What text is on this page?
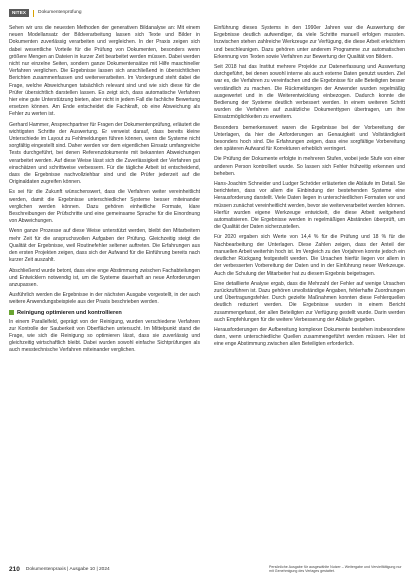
NITEX	Dokumentenprüfung

Sehen wir uns die neuesten Methoden der generativen Bildanalyse an: Mit einem neuen Modellansatz der Bildverarbeitung lassen sich Texte und Bilder in Dokumenten zuverlässig verarbeiten und vergleichen. In der Praxis zeigen sich dabei wesentliche Vorteile für die Prüfung von Dokumenten, besonders wenn größere Mengen an Dateien in kurzer Zeit bearbeitet werden müssen. Dabei werden nicht nur einzelne Seiten, sondern ganze Dokumentensätze mit Hilfe maschineller Verfahren verglichen. Die Ergebnisse lassen sich anschließend in übersichtlichen Berichten zusammenfassen und weiterverarbeiten. Im Vordergrund steht dabei die Frage, welche Abweichungen tatsächlich relevant sind und wie sich diese für die Prüfer übersichtlich darstellen lassen. Es zeigt sich, dass automatische Verfahren hier eine gute Unterstützung bieten, aber nicht in jedem Fall die fachliche Bewertung ersetzen können. Am Ende entscheidet die Fachkraft, ob eine Abweichung als Fehler zu werten ist.

Gerhard Hammer, Ansprechpartner für Fragen der Dokumentenprüfung, erläutert die wichtigsten Schritte der Auswertung. Er verweist darauf, dass bereits kleine Unterschiede im Layout zu Fehlmeldungen führen können, wenn die Systeme nicht sorgfältig eingestellt sind. Daher werden vor dem eigentlichen Einsatz umfangreiche Tests durchgeführt, bei denen Referenzdokumente mit bekannten Abweichungen verarbeitet werden. Auf diese Weise lässt sich die Zuverlässigkeit der Verfahren gut einschätzen und schrittweise verbessern. Für die tägliche Arbeit ist entscheidend, dass die Ergebnisse nachvollziehbar sind und die Prüfer jederzeit auf die Originaldaten zugreifen können.

Es sei für die Zukunft wünschenswert, dass die Verfahren weiter vereinheitlicht werden, damit die Ergebnisse unterschiedlicher Systeme besser miteinander verglichen werden können. Dazu gehören einheitliche Formate, klare Beschreibungen der Prüfschritte und eine gemeinsame Sprache für die Einordnung von Abweichungen.

Wenn ganze Prozesse auf diese Weise unterstützt werden, bleibt den Mitarbeitern mehr Zeit für die anspruchsvollen Aufgaben der Prüfung. Gleichzeitig steigt die Qualität der Ergebnisse, weil Routinefehler seltener auftreten. Die Erfahrungen aus den ersten Projekten zeigen, dass sich der Aufwand für die Einführung bereits nach kurzer Zeit auszahlt.

Abschließend wurde betont, dass eine enge Abstimmung zwischen Fachabteilungen und Entwicklern notwendig ist, um die Systeme dauerhaft an neue Anforderungen anzupassen.

Ausführlich werden die Ergebnisse in der nächsten Ausgabe vorgestellt, in der auch weitere Anwendungsbeispiele aus der Praxis beschrieben werden.

Reinigung optimieren und kontrollieren

In einem Parallelfeld, geprägt von der Reinigung, wurden verschiedene Verfahren zur Kontrolle der Sauberkeit von Oberflächen untersucht. Im Mittelpunkt stand die Frage, wie sich die Reinigung so optimieren lässt, dass sie zuverlässig und gleichzeitig wirtschaftlich bleibt. Dabei wurden sowohl einfache Sichtprüfungen als auch messtechnische Verfahren miteinander verglichen.

Einführung dieses Systems in den 1990er Jahren war die Auswertung der Ergebnisse deutlich aufwendiger, da viele Schritte manuell erfolgen mussten. Inzwischen stehen zahlreiche Werkzeuge zur Verfügung, die diese Arbeit erleichtern und beschleunigen. Dazu gehören unter anderem Programme zur automatischen Erkennung von Texten sowie Verfahren zur Bewertung der Qualität von Bildern.

Seit 2018 hat das Institut mehrere Projekte zur Datenerfassung und Auswertung durchgeführt, bei denen sowohl interne als auch externe Daten genutzt wurden. Ziel war es, die Verfahren zu vereinfachen und die Ergebnisse für alle Beteiligten besser verständlich zu machen. Die Rückmeldungen der Anwender wurden regelmäßig ausgewertet und in die Weiterentwicklung einbezogen. Dadurch konnte die Bedienung der Systeme deutlich verbessert werden. In einem weiteren Schritt wurden die Verfahren auf zusätzliche Dokumenttypen übertragen, um ihre Einsatzmöglichkeiten zu erweitern.

Besonders bemerkenswert waren die Ergebnisse bei der Vorbereitung der Unterlagen, da hier die Anforderungen an Genauigkeit und Vollständigkeit besonders hoch sind. Die Erfahrungen zeigen, dass eine sorgfältige Vorbereitung den späteren Aufwand für Korrekturen erheblich verringert.

Die Prüfung der Dokumente erfolgte in mehreren Stufen, wobei jede Stufe von einer anderen Person kontrolliert wurde. So lassen sich Fehler frühzeitig erkennen und beheben.

Hans-Joachim Schneider und Ludger Schröder erläuterten die Abläufe im Detail. Sie berichteten, dass vor allem die Einbindung der bestehenden Systeme eine Herausforderung darstellt. Viele Daten liegen in unterschiedlichen Formaten vor und müssen zunächst vereinheitlicht werden, bevor sie weiterverarbeitet werden können. Hierfür wurden eigene Werkzeuge entwickelt, die diese Arbeit weitgehend automatisieren. Die Ergebnisse werden in regelmäßigen Abständen überprüft, um die Qualität der Daten sicherzustellen.

Für 2020 ergaben sich Werte von 14,4 % für die Prüfung und 18 % für die Nachbearbeitung der Unterlagen. Diese Zahlen zeigen, dass der Anteil der manuellen Arbeit weiterhin hoch ist. Im Vergleich zu den Vorjahren konnte jedoch ein deutlicher Rückgang festgestellt werden. Die Ursachen hierfür liegen vor allem in der verbesserten Vorbereitung der Daten und in der Einführung neuer Werkzeuge. Auch die Schulung der Mitarbeiter hat zu diesem Ergebnis beigetragen.

Eine detaillierte Analyse ergab, dass die Mehrzahl der Fehler auf wenige Ursachen zurückzuführen ist. Dazu gehören unvollständige Angaben, fehlerhafte Zuordnungen und Übertragungsfehler. Durch gezielte Maßnahmen konnten diese Fehlerquellen deutlich reduziert werden. Die Ergebnisse wurden in einem Bericht zusammengefasst, der allen Beteiligten zur Verfügung gestellt wurde. Darin werden auch Empfehlungen für die weitere Verbesserung der Abläufe gegeben.

Herausforderungen der Aufbereitung komplexer Dokumente bestehen insbesondere dann, wenn unterschiedliche Quellen zusammengeführt werden müssen. Hier ist eine enge Abstimmung zwischen allen Beteiligten erforderlich.

210 Dokumentenpraxis | Ausgabe 10 | 2024	Persönliche Ausgabe für ausgewählte Nutzer – Weitergabe und Vervielfältigung nur mit Genehmigung des Verlages gestattet.
